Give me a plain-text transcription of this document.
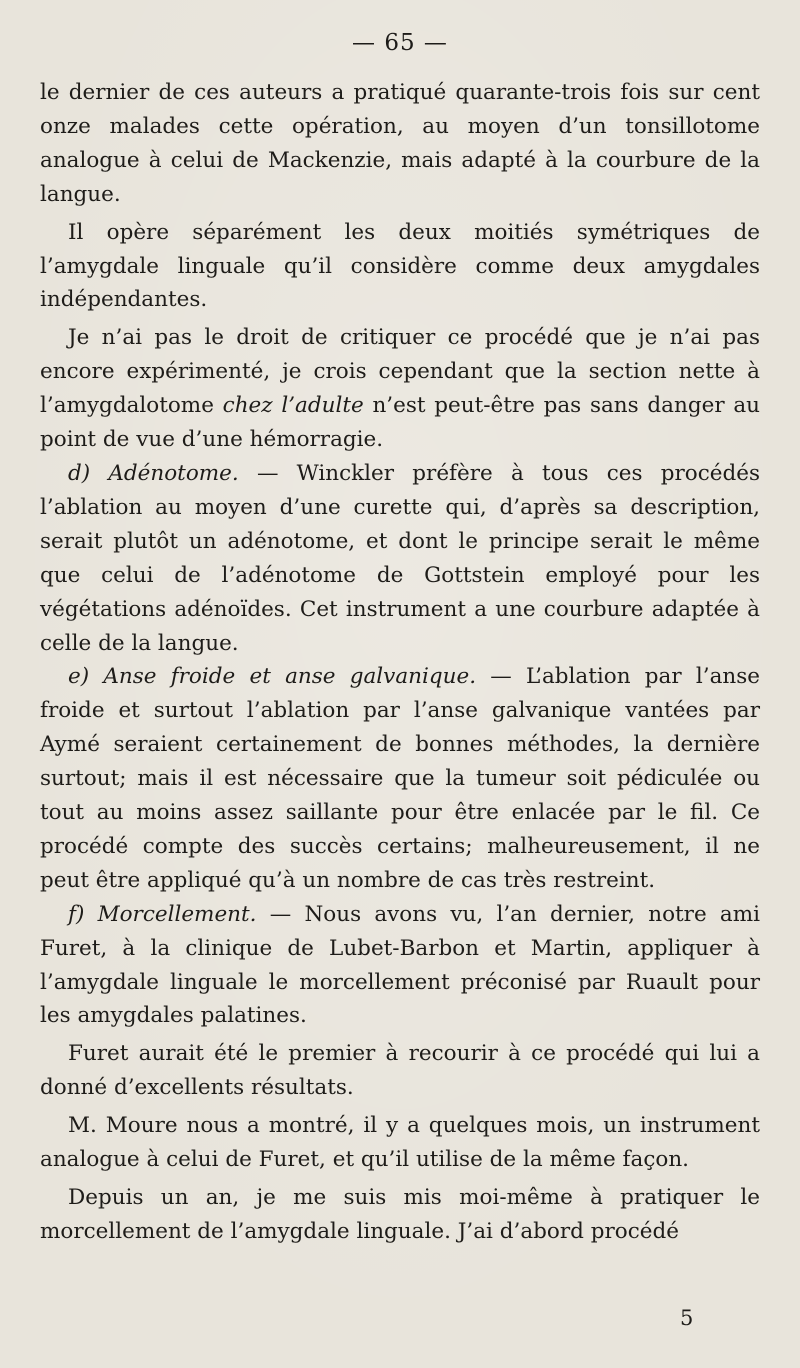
— 65 —

le dernier de ces auteurs a pratiqué quarante-trois fois sur cent onze malades cette opération, au moyen d’un tonsillotome analogue à celui de Mackenzie, mais adapté à la courbure de la langue.

Il opère séparément les deux moitiés symétriques de l’amygdale linguale qu’il considère comme deux amygdales indépendantes.

Je n’ai pas le droit de critiquer ce procédé que je n’ai pas encore expérimenté, je crois cependant que la section nette à l’amygdalotome chez l’adulte n’est peut-être pas sans danger au point de vue d’une hémorragie.

d) Adénotome. — Winckler préfère à tous ces procédés l’ablation au moyen d’une curette qui, d’après sa description, serait plutôt un adénotome, et dont le principe serait le même que celui de l’adénotome de Gottstein employé pour les végétations adénoïdes. Cet instrument a une courbure adaptée à celle de la langue.

e) Anse froide et anse galvanique. — L’ablation par l’anse froide et surtout l’ablation par l’anse galvanique vantées par Aymé seraient certainement de bonnes méthodes, la dernière surtout; mais il est nécessaire que la tumeur soit pédiculée ou tout au moins assez saillante pour être enlacée par le fil. Ce procédé compte des succès certains; malheureusement, il ne peut être appliqué qu’à un nombre de cas très restreint.

f) Morcellement. — Nous avons vu, l’an dernier, notre ami Furet, à la clinique de Lubet-Barbon et Martin, appliquer à l’amygdale linguale le morcellement préconisé par Ruault pour les amygdales palatines.

Furet aurait été le premier à recourir à ce procédé qui lui a donné d’excellents résultats.

M. Moure nous a montré, il y a quelques mois, un instrument analogue à celui de Furet, et qu’il utilise de la même façon.

Depuis un an, je me suis mis moi-même à pratiquer le morcellement de l’amygdale linguale. J’ai d’abord procédé

5
